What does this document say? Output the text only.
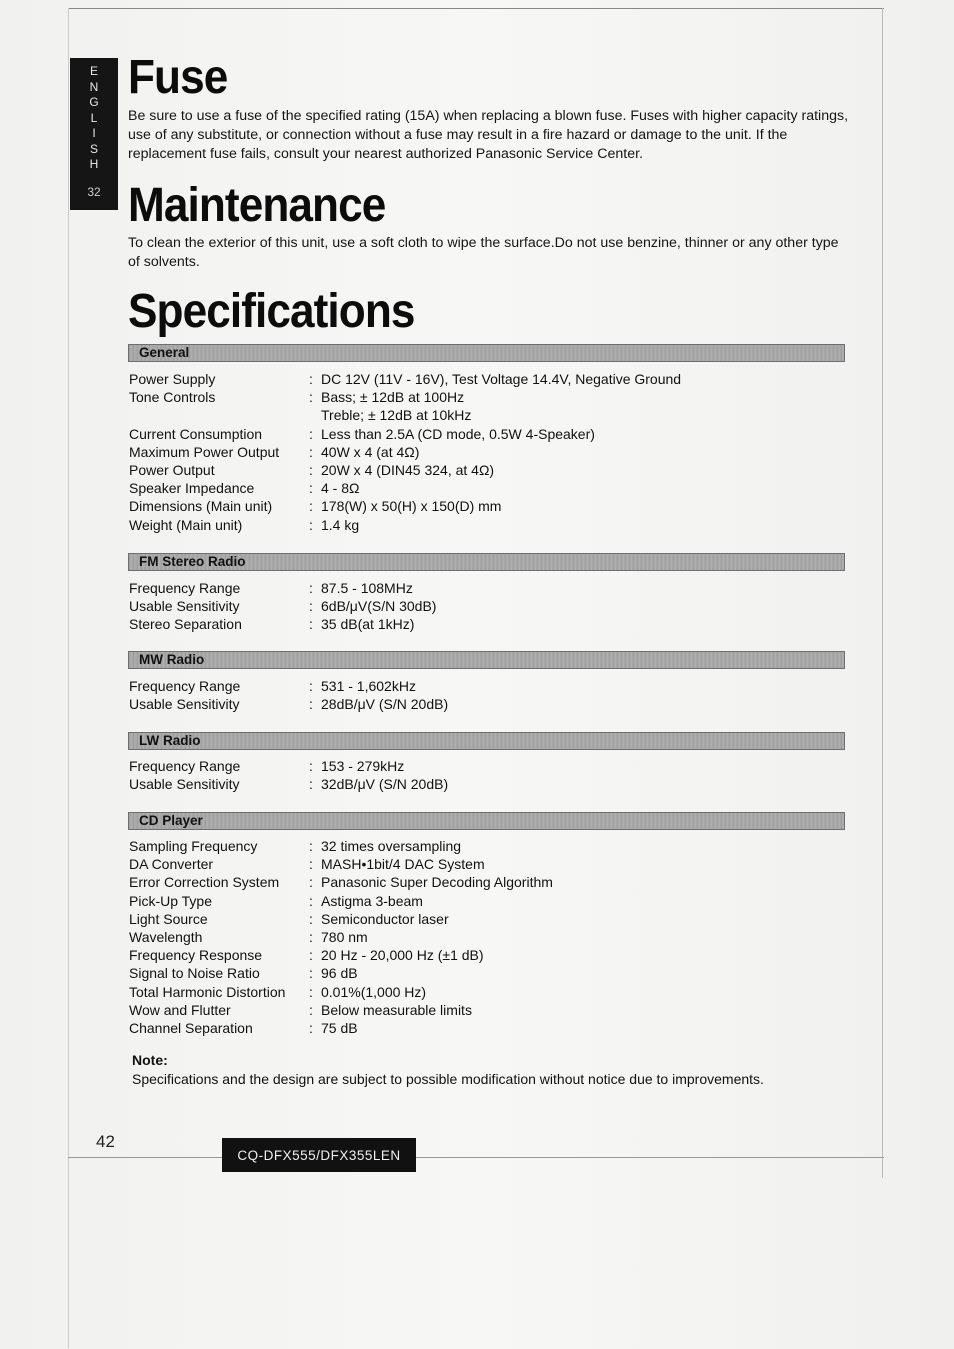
E
N
G
L
I
S
H
32
Fuse

Be sure to use a fuse of the specified rating (15A) when replacing a blown fuse. Fuses with higher capacity ratings, use of any substitute, or connection without a fuse may result in a fire hazard or damage to the unit. If the replacement fuse fails, consult your nearest authorized Panasonic Service Center.

Maintenance

To clean the exterior of this unit, use a soft cloth to wipe the surface.Do not use benzine, thinner or any other type of solvents.

Specifications
General
Power Supply	: DC 12V (11V - 16V), Test Voltage 14.4V, Negative Ground
Tone Controls	: Bass; ± 12dB at 100Hz
Treble; ± 12dB at 10kHz
Current Consumption	: Less than 2.5A (CD mode, 0.5W 4-Speaker)
Maximum Power Output : 40W x 4 (at 4Ω)
Power Output	: 20W x 4 (DIN45 324, at 4Ω)
Speaker Impedance	: 4 - 8Ω
Dimensions (Main unit)	: 178(W) x 50(H) x 150(D) mm
Weight (Main unit)	: 1.4 kg
FM Stereo Radio
Frequency Range	: 87.5 - 108MHz
Usable Sensitivity	: 6dB/μV(S/N 30dB)
Stereo Separation	: 35 dB(at 1kHz)
MW Radio
Frequency Range	: 531 - 1,602kHz
Usable Sensitivity	: 28dB/μV (S/N 20dB)
LW Radio
Frequency Range	: 153 - 279kHz
Usable Sensitivity	: 32dB/μV (S/N 20dB)
CD Player
Sampling Frequency	: 32 times oversampling
DA Converter	: MASH•1bit/4 DAC System
Error Correction System : Panasonic Super Decoding Algorithm
Pick-Up Type	: Astigma 3-beam
Light Source	: Semiconductor laser
Wavelength	: 780 nm
Frequency Response	: 20 Hz - 20,000 Hz (±1 dB)
Signal to Noise Ratio	: 96 dB
Total Harmonic Distortion : 0.01%(1,000 Hz)
Wow and Flutter	: Below measurable limits
Channel Separation	: 75 dB

Note:

Specifications and the design are subject to possible modification without notice due to improvements.

42
CQ-DFX555/DFX355LEN
